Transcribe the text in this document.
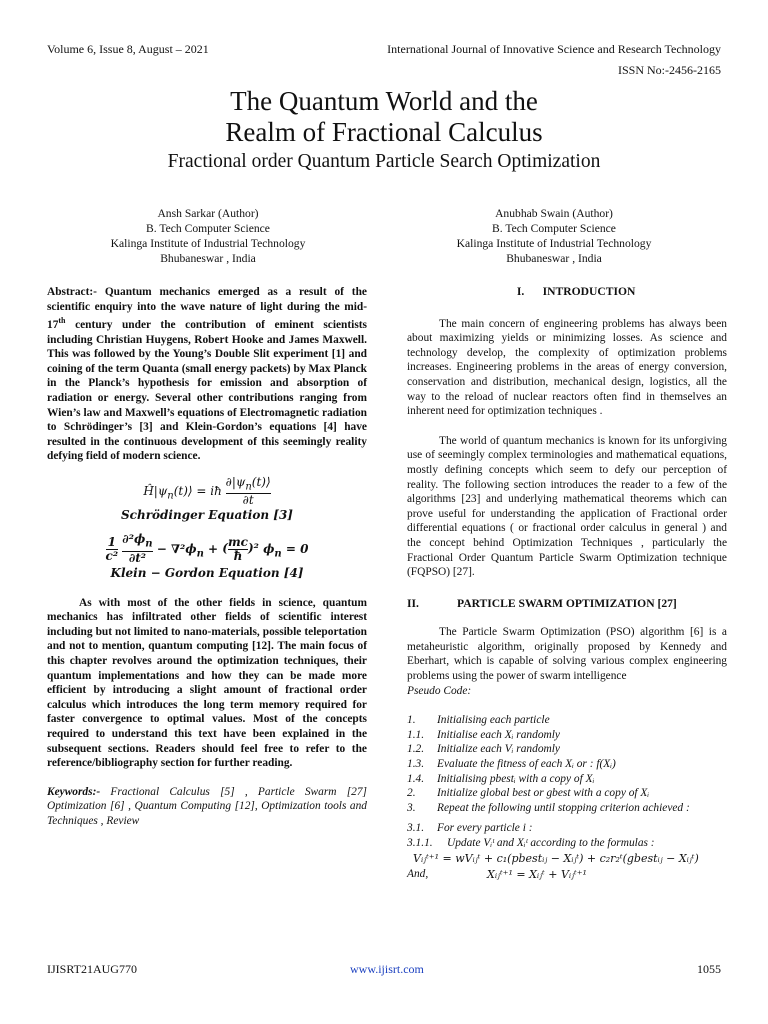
Volume 6, Issue 8, August – 2021	International Journal of Innovative Science and Research Technology
ISSN No:-2456-2165
The Quantum World and the
Realm of Fractional Calculus
Fractional order Quantum Particle Search Optimization
Ansh Sarkar (Author)
B. Tech Computer Science
Kalinga Institute of Industrial Technology
Bhubaneswar , India
Anubhab Swain (Author)
B. Tech Computer Science
Kalinga Institute of Industrial Technology
Bhubaneswar , India

Abstract:- Quantum mechanics emerged as a result of the scientific enquiry into the wave nature of light during the mid-17th century under the contribution of eminent scientists including Christian Huygens, Robert Hooke and James Maxwell. This was followed by the Young’s Double Slit experiment [1] and coining of the term Quanta (small energy packets) by Max Planck in the Planck’s hypothesis for emission and absorption of radiation or energy. Several other contributions ranging from Wien’s law and Maxwell’s equations of Electromagnetic radiation to Schrödinger’s [3] and Klein-Gordon’s equations [4] have resulted in the continuous development of this seemingly reality defying field of modern science.

$Ĥ|\psi_n(t)⟩$ = iħ $\frac{\partial|\psi_n(t)⟩}{\partial t}$
Schrödinger Equation [3]
$\frac{1}{\text{c²}}$
$\frac{\partial^2\phi_n}{\text{∂t²}} - \nabla^2\phi_n$ + ( $\frac{mc}{ħ} )^2$ $\phi_n = 0$
Klein − Gordon Equation [4]

As with most of the other fields in science, quantum mechanics has infiltrated other fields of scientific interest including but not limited to nano-materials, possible teleportation and not to mention, quantum computing [12]. The main focus of this chapter revolves around the optimization techniques, their quantum implementations and how they can be made more efficient by introducing a slight amount of fractional order calculus which introduces the long term memory required for faster convergence to optimal values. Most of the concepts required to understand this text have been explained in the subsequent sections. Readers should feel free to refer to the reference/bibliography section for further reading.

Keywords:- Fractional Calculus [5] , Particle Swarm [27] Optimization [6] , Quantum Computing [12], Optimization tools and Techniques , Review

I. INTRODUCTION

The main concern of engineering problems has always been about maximizing yields or minimizing losses. As science and technology develop, the complexity of optimization problems increases. Engineering problems in the areas of energy conversion, conservation and distribution, mechanical design, logistics, all the way to the reload of nuclear reactors often find in themselves an inherent need for optimization techniques .

The world of quantum mechanics is known for its unforgiving use of seemingly complex terminologies and mathematical equations, mostly defining concepts which seem to defy our perception of reality. The following section introduces the reader to a few of the algorithms [23] and underlying mathematical theorems which can prove useful for understanding the application of Fractional order differential equations ( or fractional order calculus in general ) and the concept behind Optimization Techniques , particularly the Fractional Order Quantum Particle Swarm Optimization technique (FQPSO) [27].

II.	PARTICLE SWARM OPTIMIZATION [27]

The Particle Swarm Optimization (PSO) algorithm [6] is a metaheuristic algorithm, originally proposed by Kennedy and Eberhart, which is capable of solving various complex engineering problems using the power of swarm intelligence

Pseudo Code:

1.	Initialising each particle
1.1.	Initialise each Xᵢ randomly
1.2.	Initialize each Vᵢ randomly
1.3.	Evaluate the fitness of each Xᵢ or : f(Xᵢ)
1.4.	Initialising pbestᵢ with a copy of Xᵢ
2.	Initialize global best or gbest with a copy of Xᵢ
3.	Repeat the following until stopping criterion achieved :
3.1.	For every particle i :
3.1.1.	Update Vᵢᵗ and Xᵢᵗ according to the formulas :
Vᵢⱼᵗ⁺¹ = wVᵢⱼᵗ + c₁(pbestᵢⱼ − Xᵢⱼᵗ) + c₂r₂ᵗ(gbestᵢⱼ − Xᵢⱼᵗ)
And,	Xᵢⱼᵗ⁺¹ = Xᵢⱼᵗ + Vᵢⱼᵗ⁺¹
IJISRT21AUG770	www.ijisrt.com	1055
